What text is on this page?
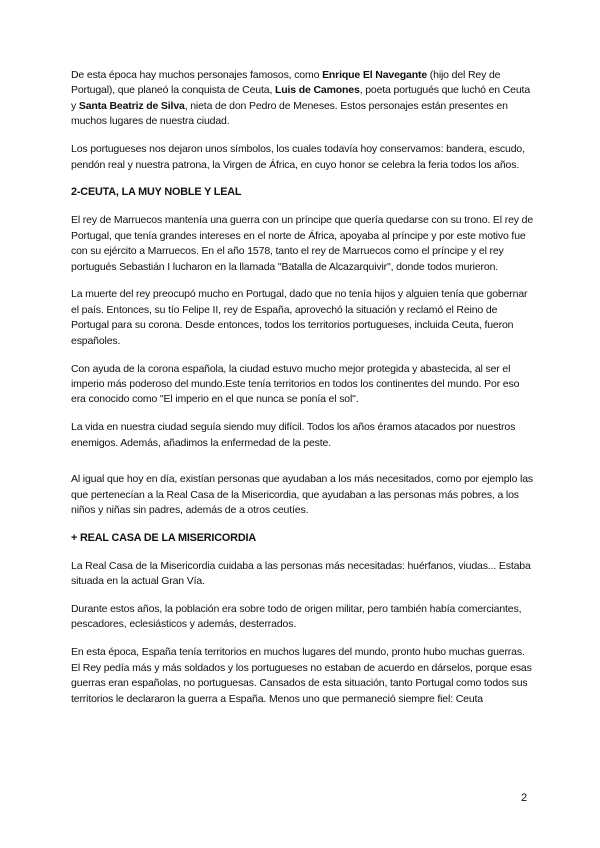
De esta época hay muchos personajes famosos, como Enrique El Navegante (hijo del Rey de Portugal), que planeó la conquista de Ceuta, Luis de Camones, poeta portugués que luchó en Ceuta y Santa Beatriz de Silva, nieta de don Pedro de Meneses. Estos personajes están presentes en muchos lugares de nuestra ciudad.
Los portugueses nos dejaron unos símbolos, los cuales todavía hoy conservamos: bandera, escudo, pendón real y nuestra patrona, la Virgen de África, en cuyo honor se celebra la feria todos los años.
2-CEUTA, LA MUY NOBLE Y LEAL
El rey de Marruecos mantenía una guerra con un príncipe que quería quedarse con su trono. El rey de Portugal, que tenía grandes intereses en el norte de África, apoyaba al príncipe y por este motivo fue con su ejército a Marruecos. En el año 1578, tanto el rey de Marruecos como el príncipe y el rey portugués Sebastián I lucharon en la llamada "Batalla de Alcazarquivir", donde todos murieron.
La muerte del rey preocupó mucho en Portugal, dado que no tenía hijos y alguien tenía que gobernar el país. Entonces, su tío Felipe II, rey de España, aprovechó la situación y reclamó el Reino de Portugal para su corona. Desde entonces, todos los territorios portugueses, incluida Ceuta, fueron españoles.
Con ayuda de la corona española, la ciudad estuvo mucho mejor protegida y abastecida, al ser el imperio más poderoso del mundo.Este tenía territorios en todos los continentes del mundo. Por eso era conocido como "El imperio en el que nunca se ponía el sol".
La vida en nuestra ciudad seguía siendo muy difícil. Todos los años éramos atacados por nuestros enemigos. Además, añadimos la enfermedad de la peste.
Al igual que hoy en día, existían personas que ayudaban a los más necesitados, como por ejemplo las que pertenecían a la Real Casa de la Misericordia, que ayudaban a las personas más pobres, a los niños y niñas sin padres, además de a otros ceutíes.
+ REAL CASA DE LA MISERICORDIA
La Real Casa de la Misericordia cuidaba a las personas más necesitadas: huérfanos, viudas... Estaba situada en la actual Gran Vía.
Durante estos años, la población era sobre todo de origen militar, pero también había comerciantes, pescadores, eclesiásticos y además, desterrados.
En esta época, España tenía territorios en muchos lugares del mundo, pronto hubo muchas guerras. El Rey pedía más y más soldados y los portugueses no estaban de acuerdo en dárselos, porque esas guerras eran españolas, no portuguesas. Cansados de esta situación, tanto Portugal como todos sus territorios le declararon la guerra a España. Menos uno que permaneció siempre fiel: Ceuta
2
